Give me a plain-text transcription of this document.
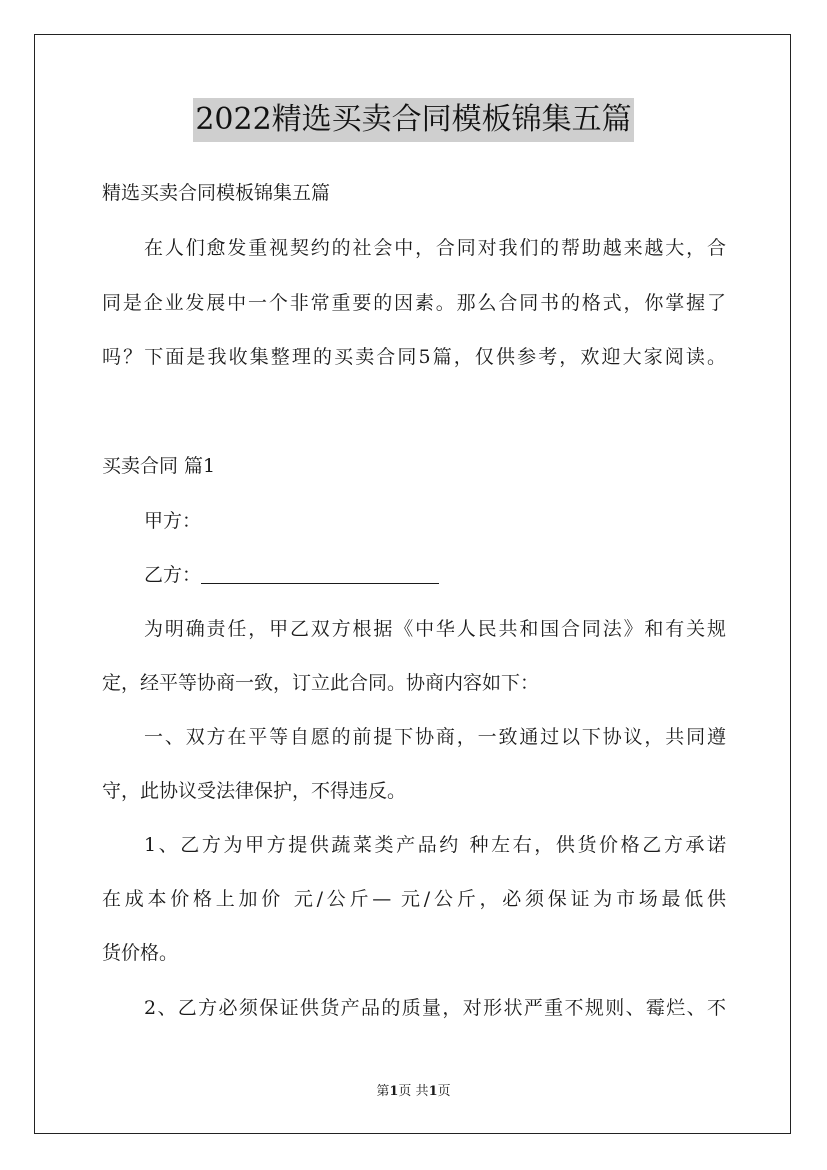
2022精选买卖合同模板锦集五篇
精选买卖合同模板锦集五篇
在人们愈发重视契约的社会中，合同对我们的帮助越来越大，合
同是企业发展中一个非常重要的因素。那么合同书的格式，你掌握了
吗？下面是我收集整理的买卖合同5篇，仅供参考，欢迎大家阅读。
买卖合同 篇1
甲方：
乙方：
为明确责任，甲乙双方根据《中华人民共和国合同法》和有关规
定，经平等协商一致，订立此合同。协商内容如下：
一、双方在平等自愿的前提下协商，一致通过以下协议，共同遵
守，此协议受法律保护，不得违反。
1、乙方为甲方提供蔬菜类产品约 种左右，供货价格乙方承诺
在成本价格上加价 元/公斤— 元/公斤，必须保证为市场最低供
货价格。
2、乙方必须保证供货产品的质量，对形状严重不规则、霉烂、不
第1页 共1页
